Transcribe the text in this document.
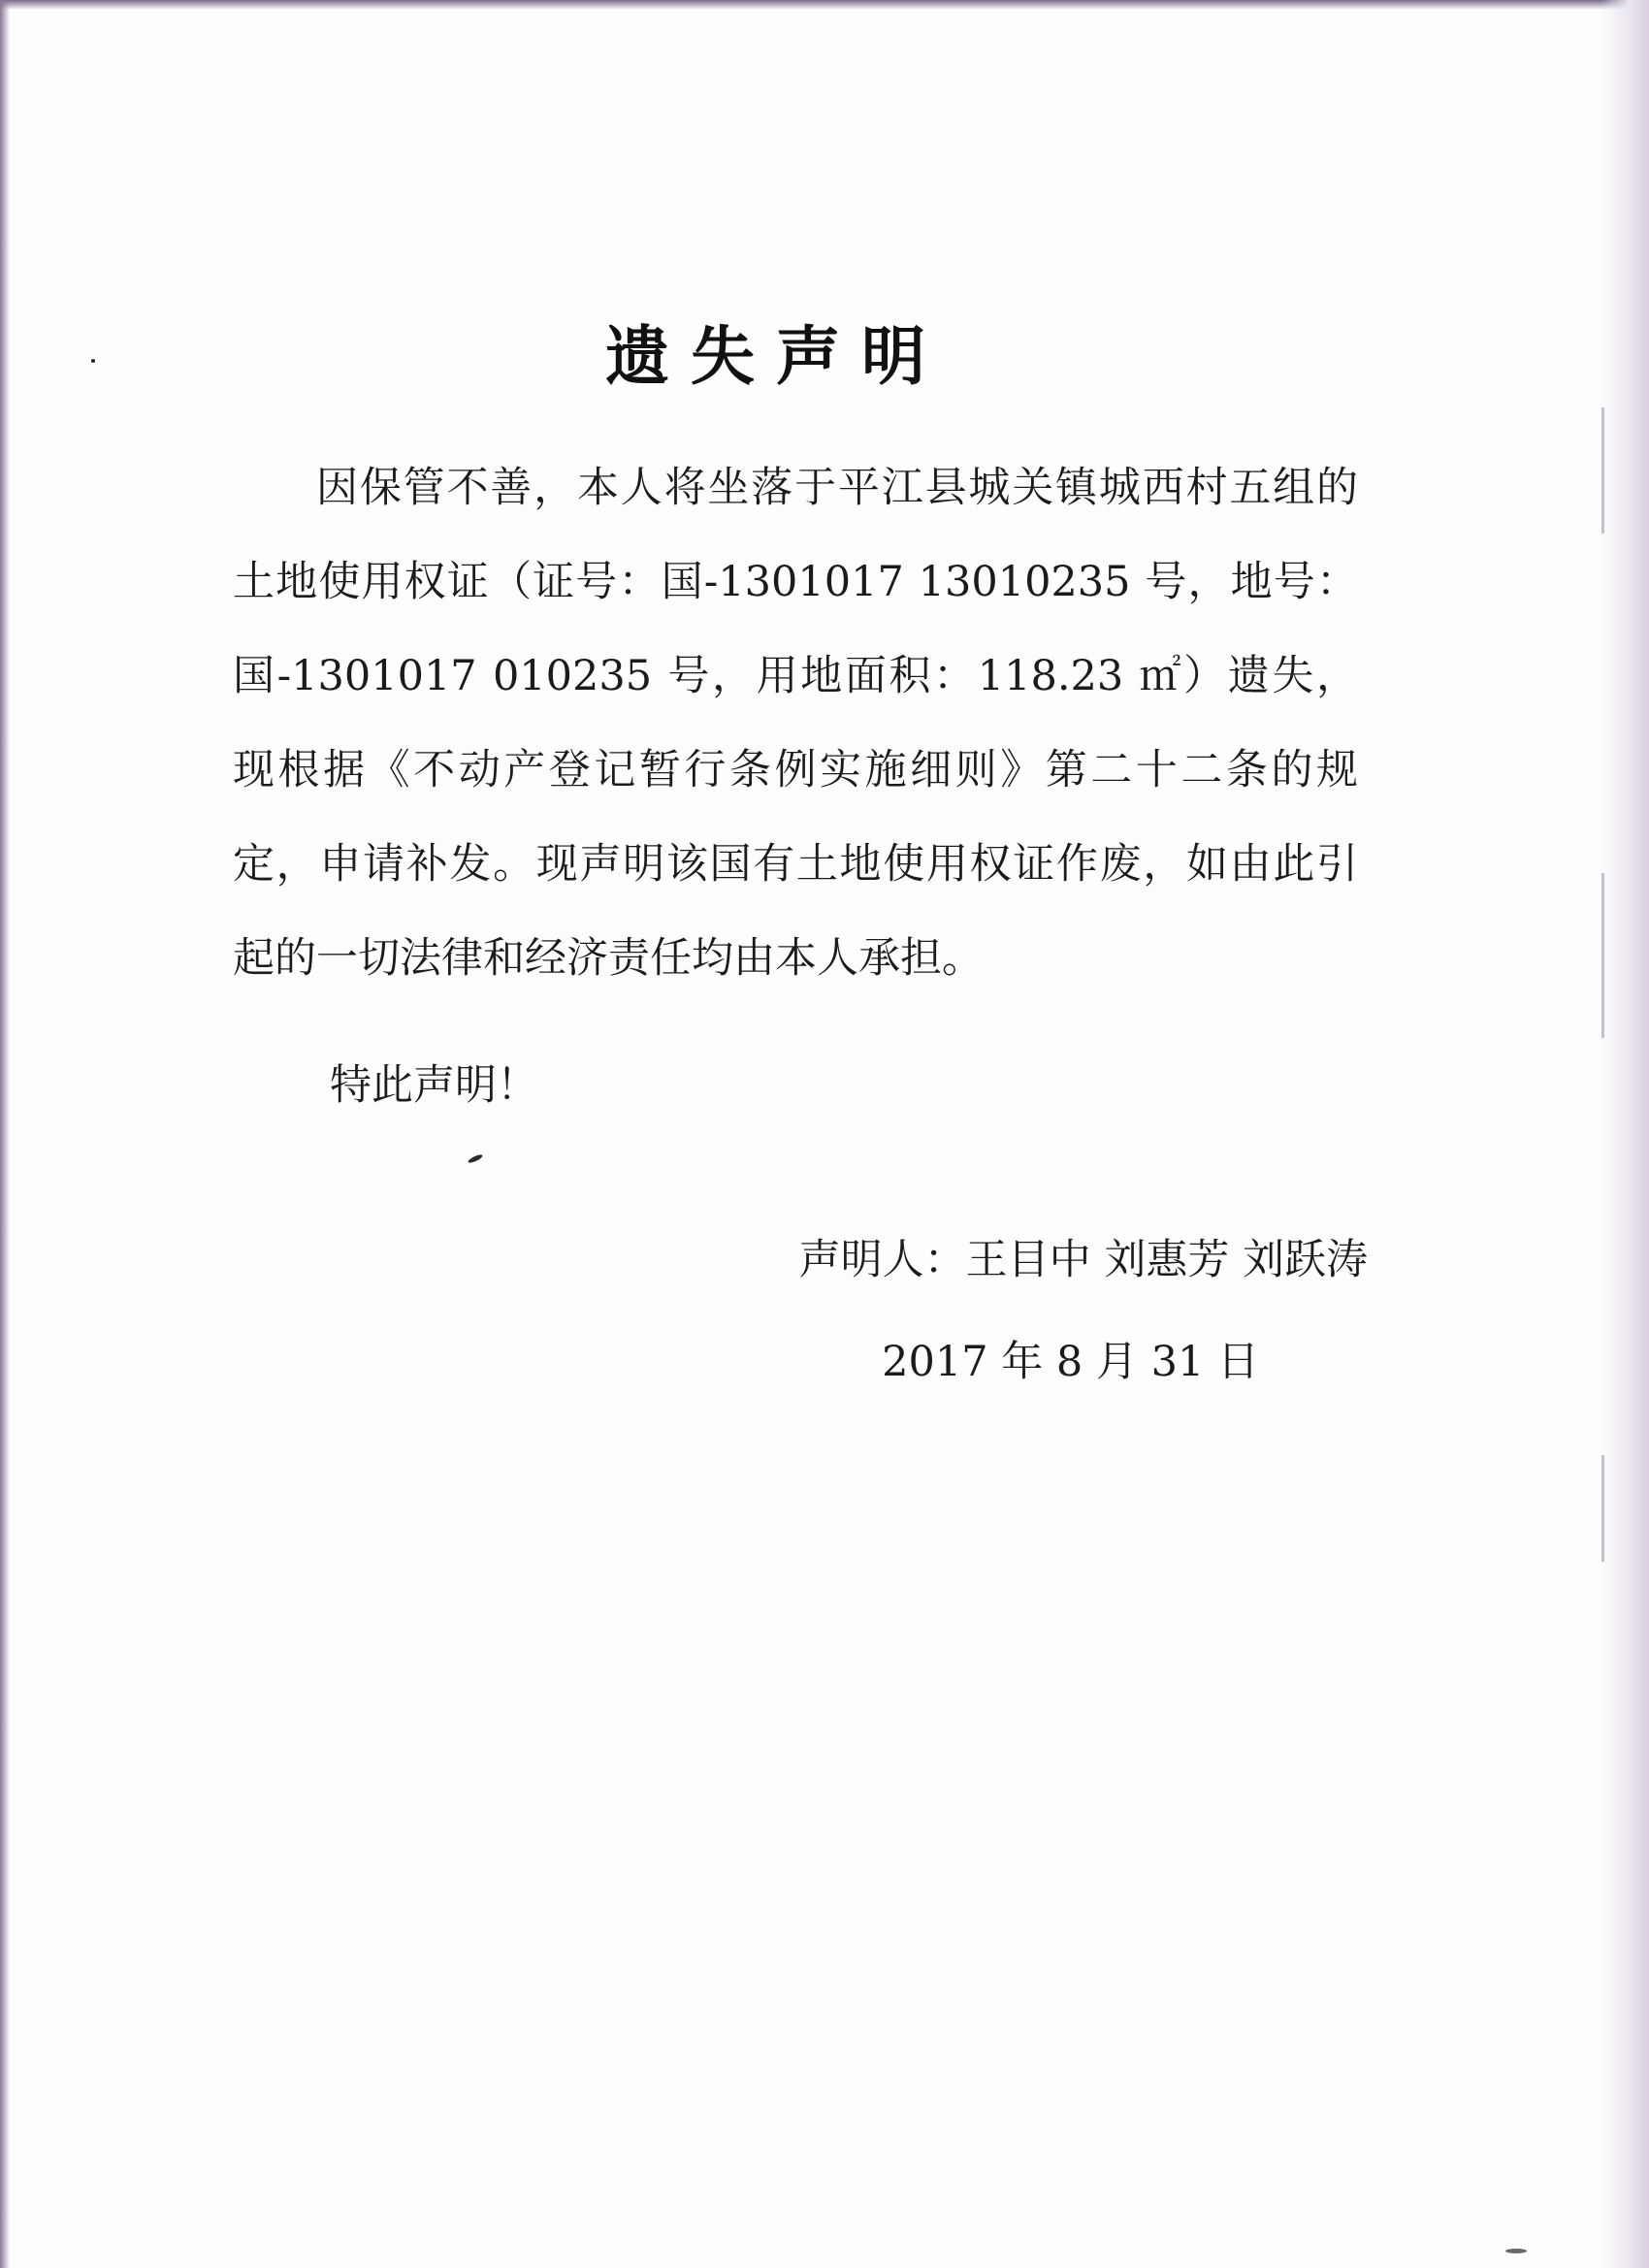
遗失声明

因保管不善，本人将坐落于平江县城关镇城西村五组的土地使用权证（证号：国-1301017 13010235 号，地号：国-1301017 010235 号，用地面积：118.23 ㎡）遗失，现根据《不动产登记暂行条例实施细则》第二十二条的规定，申请补发。现声明该国有土地使用权证作废，如由此引起的一切法律和经济责任均由本人承担。

特此声明！
声明人：王目中 刘惠芳 刘跃涛
2017 年 8 月 31 日
